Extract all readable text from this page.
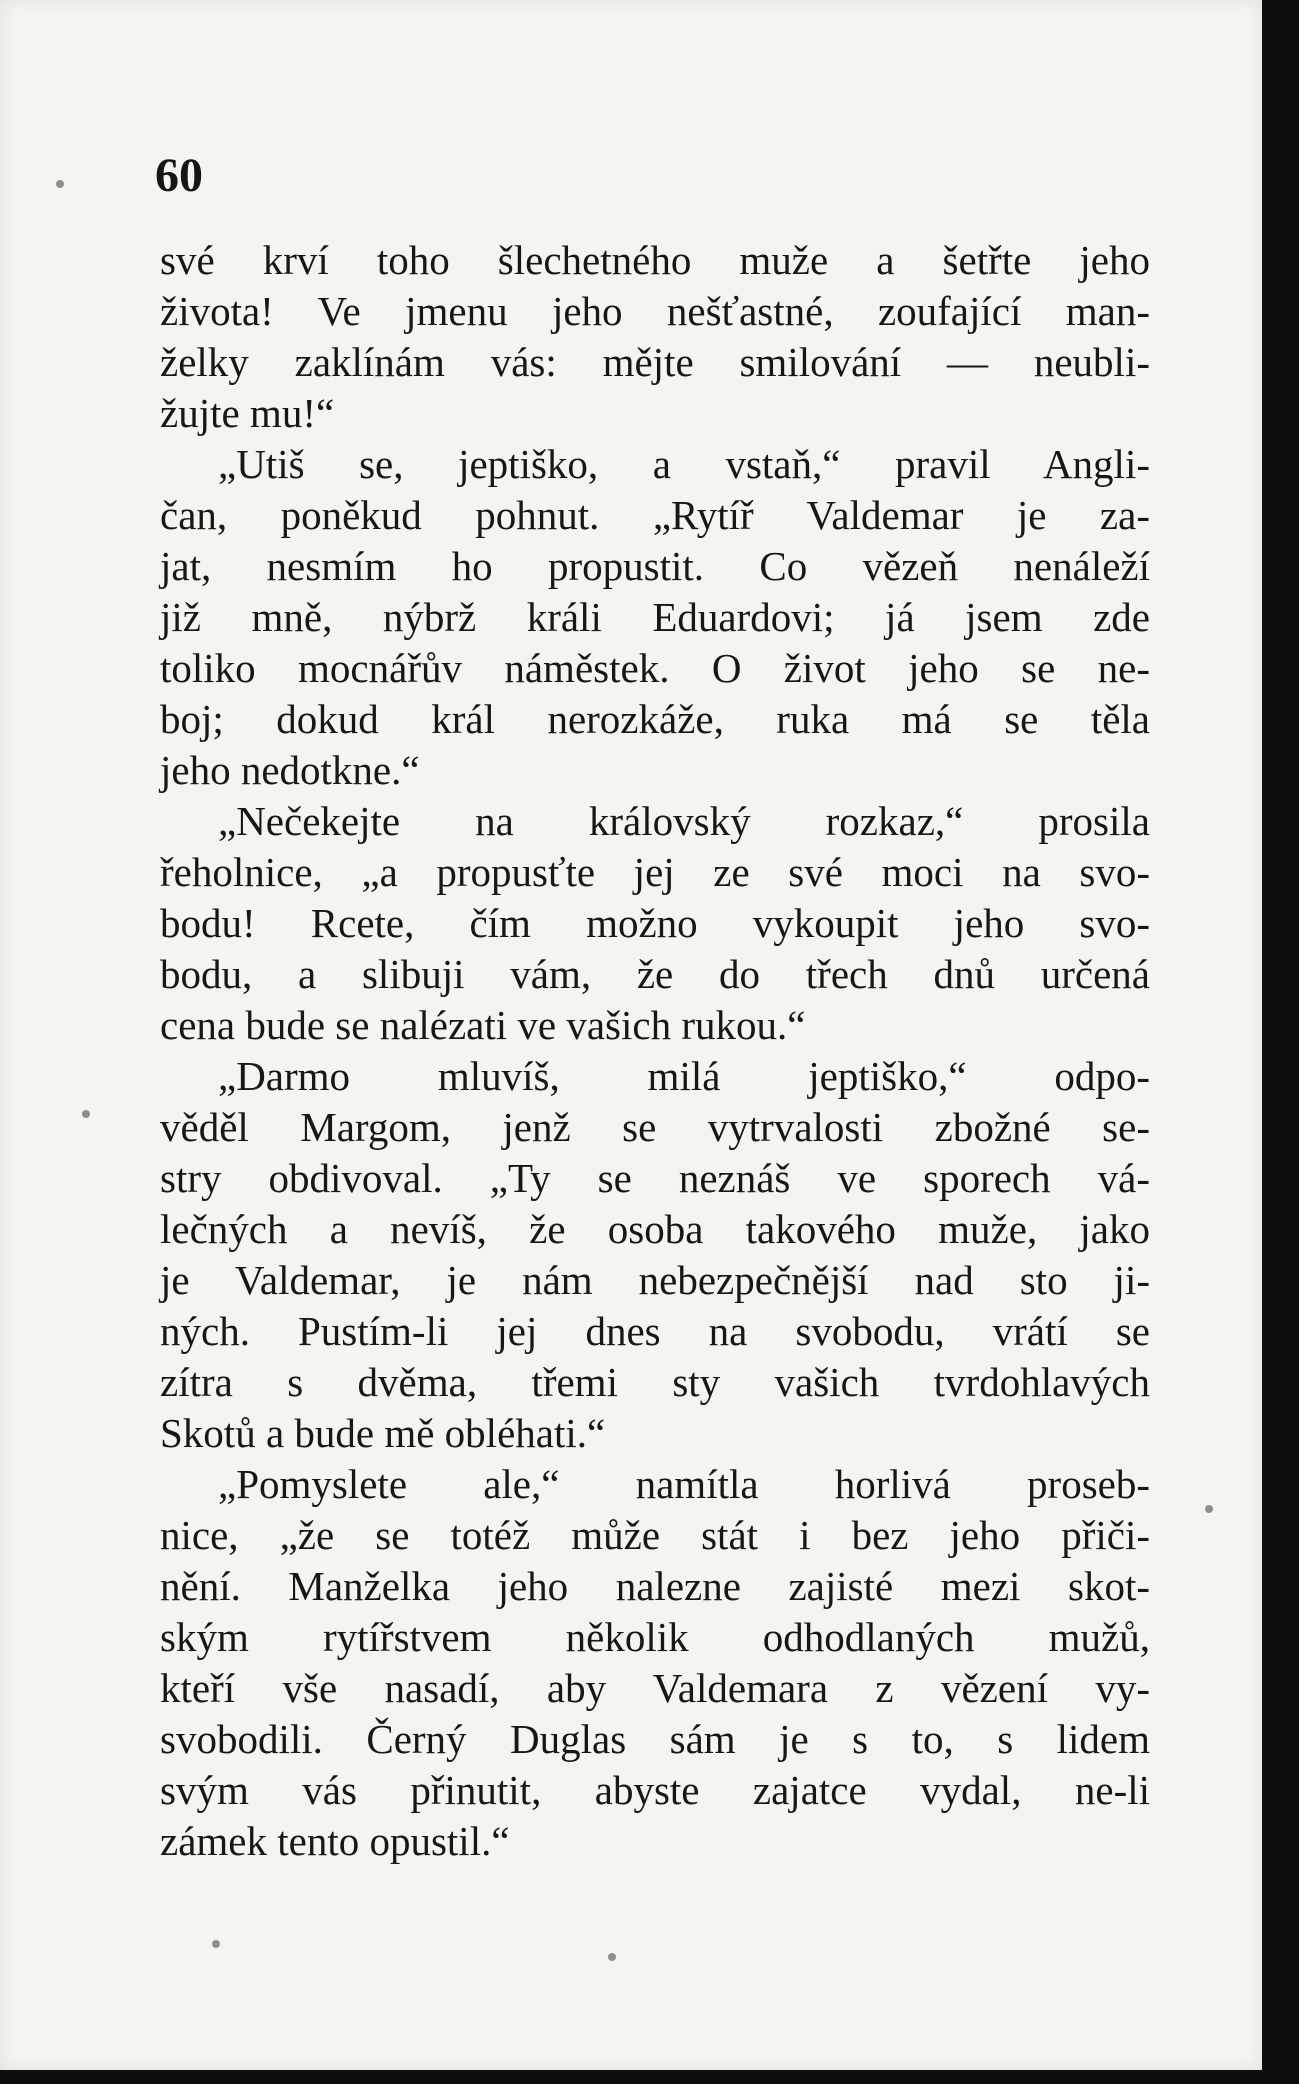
60

své krví toho šlechetného muže a šetřte jeho

života! Ve jmenu jeho nešťastné, zoufající man-

želky zaklínám vás: mějte smilování — neubli-

žujte mu!“

„Utiš se, jeptiško, a vstaň,“ pravil Angli-

čan, poněkud pohnut. „Rytíř Valdemar je za-

jat, nesmím ho propustit. Co vězeň nenáleží

již mně, nýbrž králi Eduardovi; já jsem zde

toliko mocnářův náměstek. O život jeho se ne-

boj; dokud král nerozkáže, ruka má se těla

jeho nedotkne.“

„Nečekejte na královský rozkaz,“ prosila

řeholnice, „a propusťte jej ze své moci na svo-

bodu! Rcete, čím možno vykoupit jeho svo-

bodu, a slibuji vám, že do třech dnů určená

cena bude se nalézati ve vašich rukou.“

„Darmo mluvíš, milá jeptiško,“ odpo-

věděl Margom, jenž se vytrvalosti zbožné se-

stry obdivoval. „Ty se neznáš ve sporech vá-

lečných a nevíš, že osoba takového muže, jako

je Valdemar, je nám nebezpečnější nad sto ji-

ných. Pustím-li jej dnes na svobodu, vrátí se

zítra s dvěma, třemi sty vašich tvrdohlavých

Skotů a bude mě obléhati.“

„Pomyslete ale,“ namítla horlivá proseb-

nice, „že se totéž může stát i bez jeho přiči-

nění. Manželka jeho nalezne zajisté mezi skot-

ským rytířstvem několik odhodlaných mužů,

kteří vše nasadí, aby Valdemara z vězení vy-

svobodili. Černý Duglas sám je s to, s lidem

svým vás přinutit, abyste zajatce vydal, ne-li

zámek tento opustil.“
